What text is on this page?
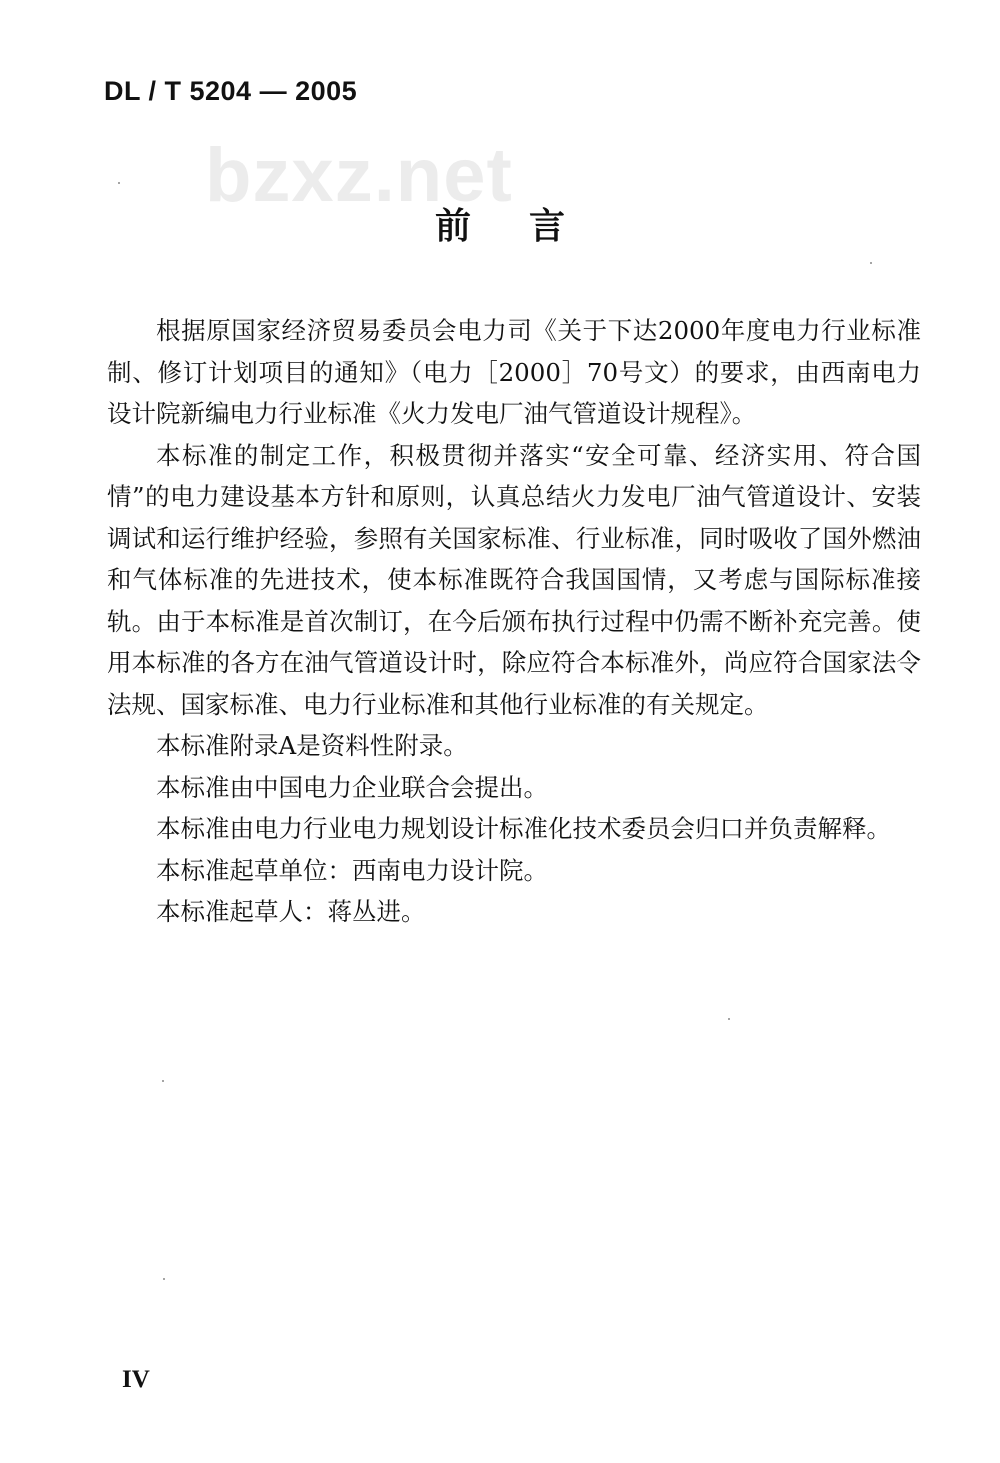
DL / T 5204 — 2005
bzxz.net
前言

根据原国家经济贸易委员会电力司《关于下达2000年度电力行业标准制、修订计划项目的通知》（电力［2000］70号文）的要求，由西南电力设计院新编电力行业标准《火力发电厂油气管道设计规程》。

本标准的制定工作，积极贯彻并落实“安全可靠、经济实用、符合国情”的电力建设基本方针和原则，认真总结火力发电厂油气管道设计、安装调试和运行维护经验，参照有关国家标准、行业标准，同时吸收了国外燃油和气体标准的先进技术，使本标准既符合我国国情，又考虑与国际标准接轨。由于本标准是首次制订，在今后颁布执行过程中仍需不断补充完善。使用本标准的各方在油气管道设计时，除应符合本标准外，尚应符合国家法令法规、国家标准、电力行业标准和其他行业标准的有关规定。

本标准附录A是资料性附录。

本标准由中国电力企业联合会提出。

本标准由电力行业电力规划设计标准化技术委员会归口并负责解释。

本标准起草单位：西南电力设计院。

本标准起草人：蒋丛进。

IV
